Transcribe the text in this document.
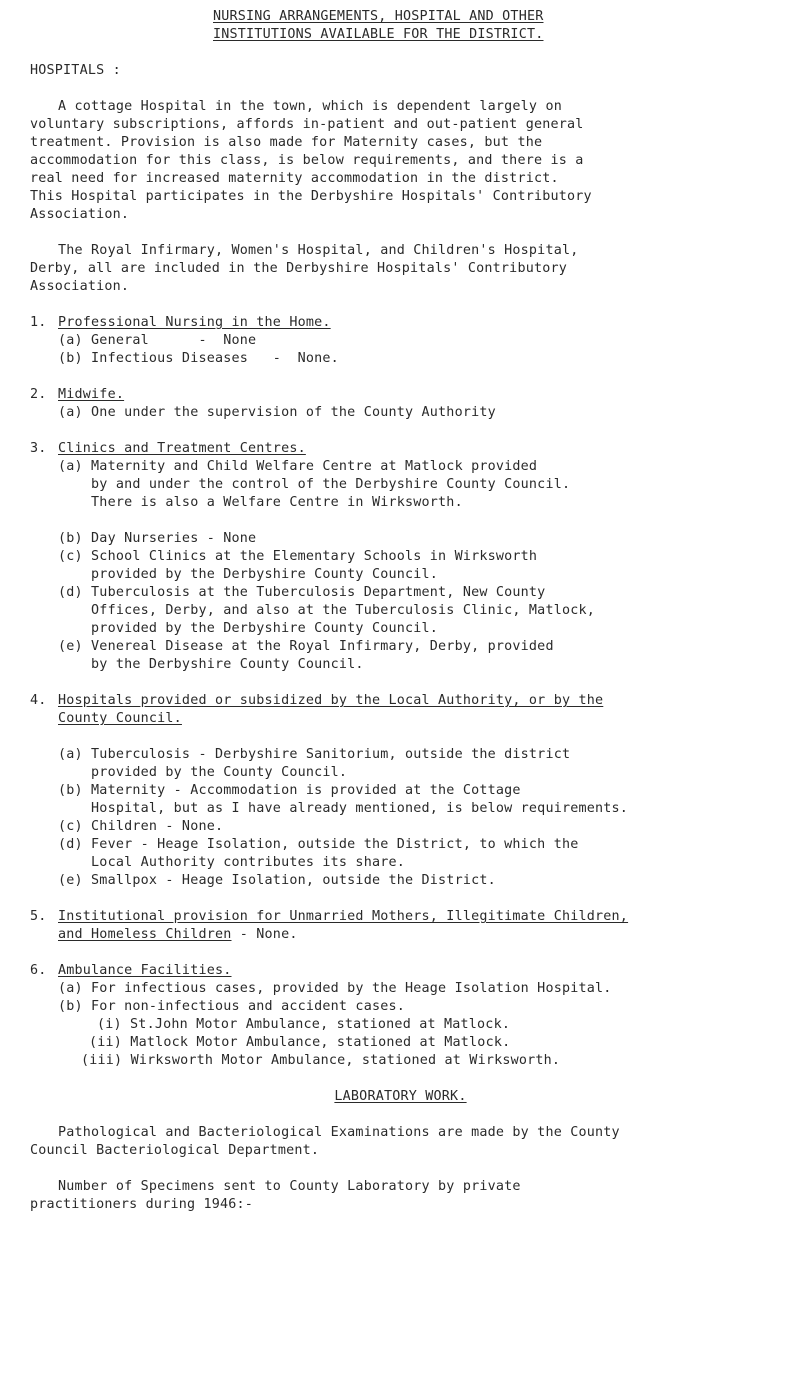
NURSING ARRANGEMENTS, HOSPITAL AND OTHER
INSTITUTIONS AVAILABLE FOR THE DISTRICT.
HOSPITALS :
A cottage Hospital in the town, which is dependent largely on
voluntary subscriptions, affords in-patient and out-patient general
treatment. Provision is also made for Maternity cases, but the
accommodation for this class, is below requirements, and there is a
real need for increased maternity accommodation in the district.
This Hospital participates in the Derbyshire Hospitals' Contributory
Association.
The Royal Infirmary, Women's Hospital, and Children's Hospital,
Derby, all are included in the Derbyshire Hospitals' Contributory
Association.
1. Professional Nursing in the Home.
(a) General      -  None
(b) Infectious Diseases   -  None.
2. Midwife.
(a) One under the supervision of the County Authority
3. Clinics and Treatment Centres.
(a) Maternity and Child Welfare Centre at Matlock provided
by and under the control of the Derbyshire County Council.
There is also a Welfare Centre in Wirksworth.
(b) Day Nurseries - None
(c) School Clinics at the Elementary Schools in Wirksworth
provided by the Derbyshire County Council.
(d) Tuberculosis at the Tuberculosis Department, New County
Offices, Derby, and also at the Tuberculosis Clinic, Matlock,
provided by the Derbyshire County Council.
(e) Venereal Disease at the Royal Infirmary, Derby, provided
by the Derbyshire County Council.
4. Hospitals provided or subsidized by the Local Authority, or by the
County Council.
(a) Tuberculosis - Derbyshire Sanitorium, outside the district
provided by the County Council.
(b) Maternity - Accommodation is provided at the Cottage
Hospital, but as I have already mentioned, is below requirements.
(c) Children - None.
(d) Fever - Heage Isolation, outside the District, to which the
Local Authority contributes its share.
(e) Smallpox - Heage Isolation, outside the District.
5. Institutional provision for Unmarried Mothers, Illegitimate Children,
and Homeless Children - None.
6. Ambulance Facilities.
(a) For infectious cases, provided by the Heage Isolation Hospital.
(b) For non-infectious and accident cases.
(i) St.John Motor Ambulance, stationed at Matlock.
(ii) Matlock Motor Ambulance, stationed at Matlock.
(iii) Wirksworth Motor Ambulance, stationed at Wirksworth.
LABORATORY WORK.
Pathological and Bacteriological Examinations are made by the County
Council Bacteriological Department.
Number of Specimens sent to County Laboratory by private
practitioners during 1946:-
